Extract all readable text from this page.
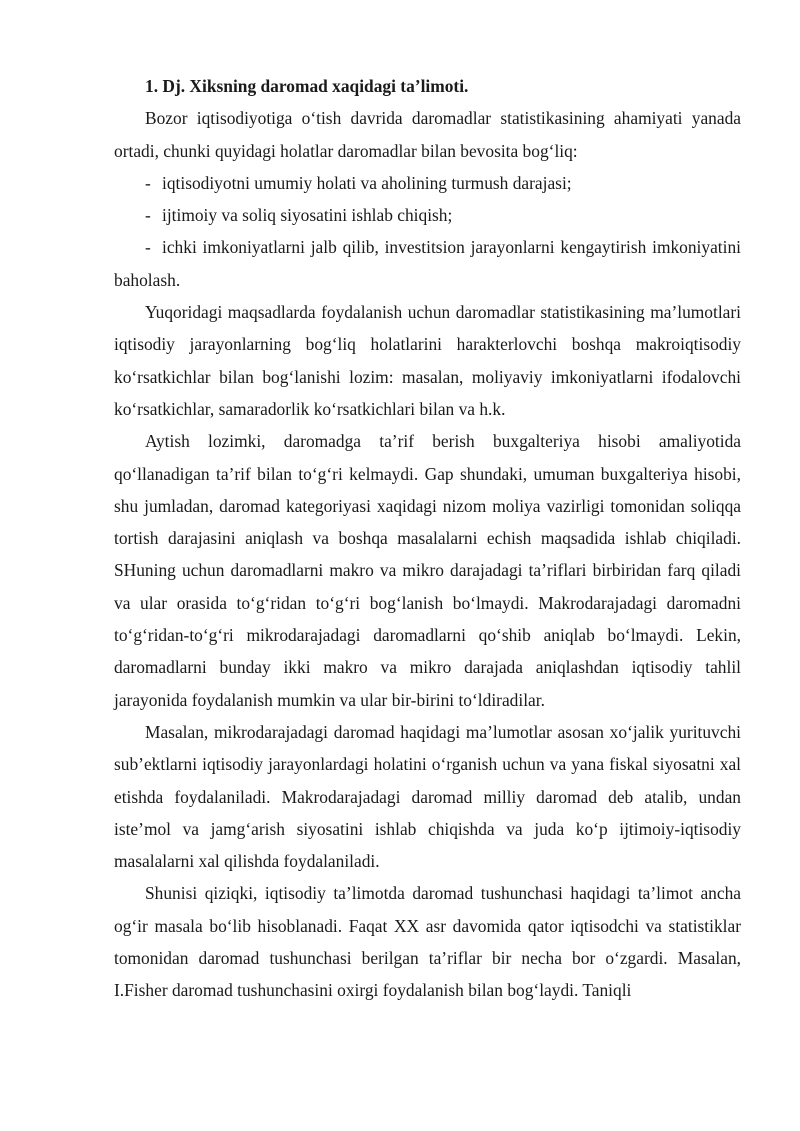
1. Dj. Xiksning daromad xaqidagi ta’limoti.

Bozor iqtisodiyotiga o‘tish davrida daromadlar statistikasining ahamiyati yanada ortadi, chunki quyidagi holatlar daromadlar bilan bevosita bog‘liq:

- iqtisodiyotni umumiy holati va aholining turmush darajasi;

- ijtimoiy va soliq siyosatini ishlab chiqish;

- ichki imkoniyatlarni jalb qilib, investitsion jarayonlarni kengaytirish imkoniyatini baholash.

Yuqoridagi maqsadlarda foydalanish uchun daromadlar statistikasining ma’lumotlari iqtisodiy jarayonlarning bog‘liq holatlarini harakterlovchi boshqa makroiqtisodiy ko‘rsatkichlar bilan bog‘lanishi lozim: masalan, moliyaviy imkoniyatlarni ifodalovchi ko‘rsatkichlar, samaradorlik ko‘rsatkichlari bilan va h.k.

Aytish lozimki, daromadga ta’rif berish buxgalteriya hisobi amaliyotida qo‘llanadigan ta’rif bilan to‘g‘ri kelmaydi. Gap shundaki, umuman buxgalteriya hisobi, shu jumladan, daromad kategoriyasi xaqidagi nizom moliya vazirligi tomonidan soliqqa tortish darajasini aniqlash va boshqa masalalarni echish maqsadida ishlab chiqiladi. SHuning uchun daromadlarni makro va mikro darajadagi ta’riflari birbiridan farq qiladi va ular orasida to‘g‘ridan to‘g‘ri bog‘lanish bo‘lmaydi. Makrodarajadagi daromadni to‘g‘ridan-to‘g‘ri mikrodarajadagi daromadlarni qo‘shib aniqlab bo‘lmaydi. Lekin, daromadlarni bunday ikki makro va mikro darajada aniqlashdan iqtisodiy tahlil jarayonida foydalanish mumkin va ular bir-birini to‘ldiradilar.

Masalan, mikrodarajadagi daromad haqidagi ma’lumotlar asosan xo‘jalik yurituvchi sub’ektlarni iqtisodiy jarayonlardagi holatini o‘rganish uchun va yana fiskal siyosatni xal etishda foydalaniladi. Makrodarajadagi daromad milliy daromad deb atalib, undan iste’mol va jamg‘arish siyosatini ishlab chiqishda va juda ko‘p ijtimoiy-iqtisodiy masalalarni xal qilishda foydalaniladi.

Shunisi qiziqki, iqtisodiy ta’limotda daromad tushunchasi haqidagi ta’limot ancha og‘ir masala bo‘lib hisoblanadi. Faqat XX asr davomida qator iqtisodchi va statistiklar tomonidan daromad tushunchasi berilgan ta’riflar bir necha bor o‘zgardi. Masalan, I.Fisher daromad tushunchasini oxirgi foydalanish bilan bog‘laydi. Taniqli
